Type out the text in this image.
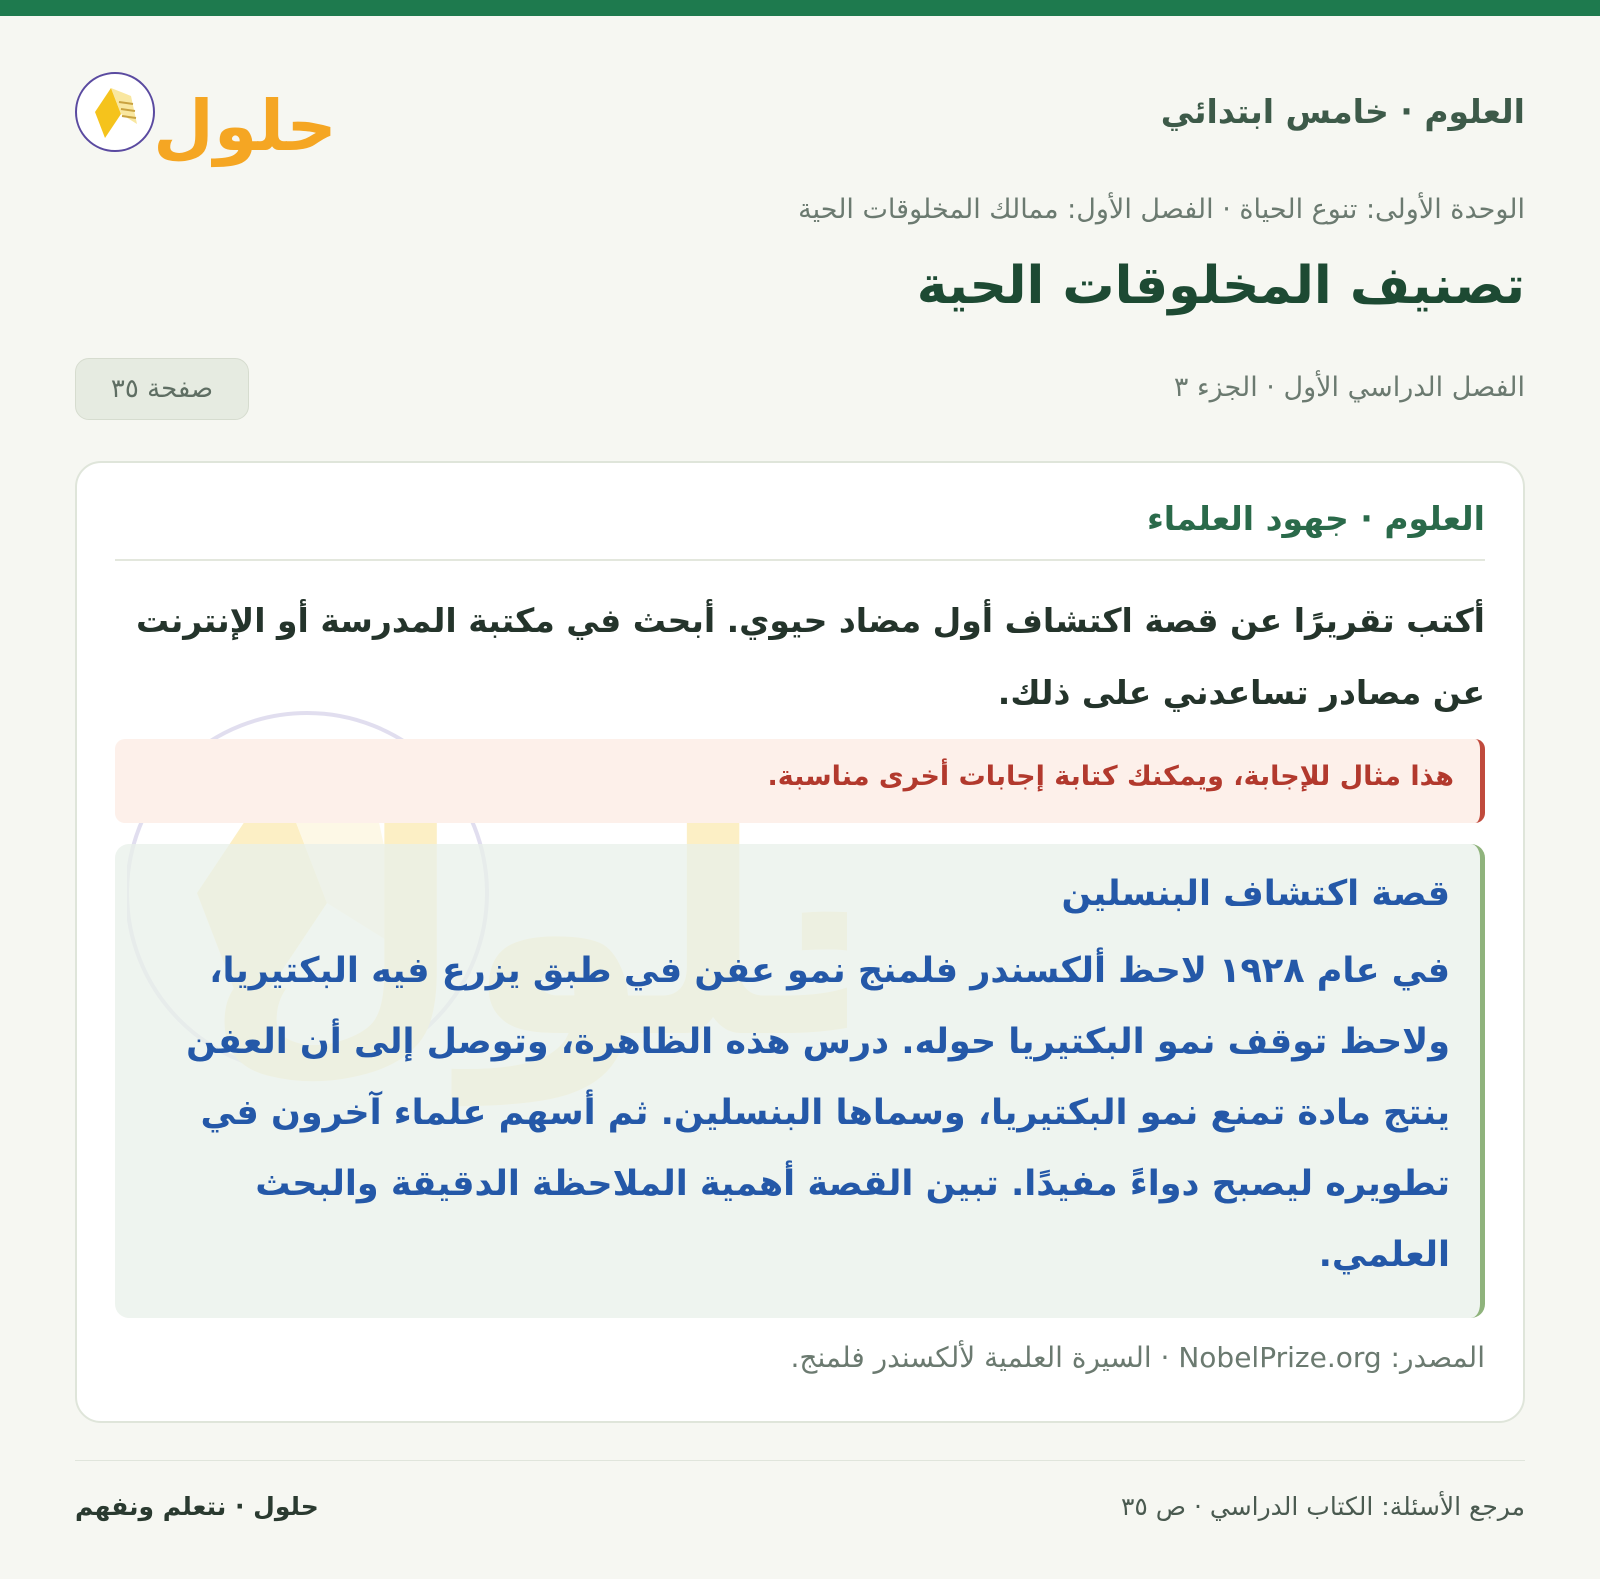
العلوم · خامس ابتدائي
حلول
الوحدة الأولى: تنوع الحياة · الفصل الأول: ممالك المخلوقات الحية
تصنيف المخلوقات الحية
الفصل الدراسي الأول · الجزء ٣
صفحة ٣٥
العلوم · جهود العلماء
أكتب تقريرًا عن قصة اكتشاف أول مضاد حيوي. أبحث في مكتبة المدرسة أو الإنترنت عن مصادر تساعدني على ذلك.
هذا مثال للإجابة، ويمكنك كتابة إجابات أخرى مناسبة.
قصة اكتشاف البنسلين
في عام ١٩٢٨ لاحظ ألكسندر فلمنج نمو عفن في طبق يزرع فيه البكتيريا، ولاحظ توقف نمو البكتيريا حوله. درس هذه الظاهرة، وتوصل إلى أن العفن ينتج مادة تمنع نمو البكتيريا، وسماها البنسلين. ثم أسهم علماء آخرون في تطويره ليصبح دواءً مفيدًا. تبين القصة أهمية الملاحظة الدقيقة والبحث العلمي.
المصدر: NobelPrize.org · السيرة العلمية لألكسندر فلمنج.
مرجع الأسئلة: الكتاب الدراسي · ص ٣٥
حلول · نتعلم ونفهم
